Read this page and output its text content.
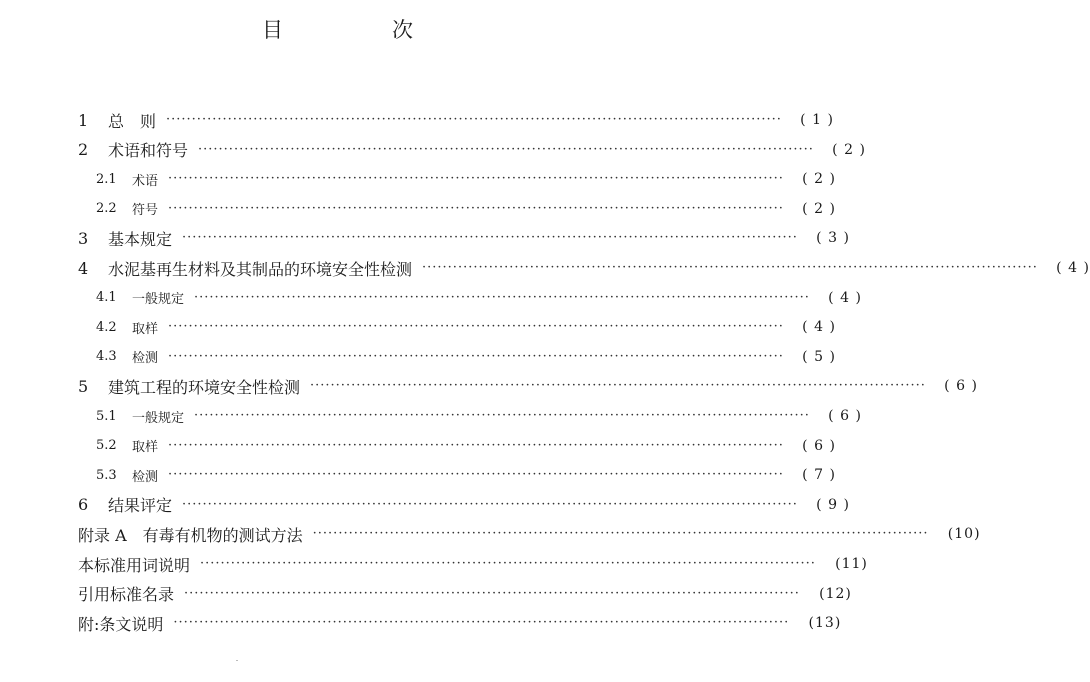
目　次
1	总　则 ························································································································	( 1 )
2	术语和符号 ························································································································	( 2 )
2.1	术语 ························································································································	( 2 )
2.2	符号 ························································································································	( 2 )
3	基本规定 ························································································································	( 3 )
4	水泥基再生材料及其制品的环境安全性检测 ························································································································	( 4 )
4.1	一般规定 ························································································································	( 4 )
4.2	取样 ························································································································	( 4 )
4.3	检测 ························································································································	( 5 )
5	建筑工程的环境安全性检测 ························································································································	( 6 )
5.1	一般规定 ························································································································	( 6 )
5.2	取样 ························································································································	( 6 )
5.3	检测 ························································································································	( 7 )
6	结果评定 ························································································································	( 9 )
附录 A　有毒有机物的测试方法 ························································································································	(10)
本标准用词说明 ························································································································	(11)
引用标准名录 ························································································································	(12)
附:条文说明 ························································································································	(13)
